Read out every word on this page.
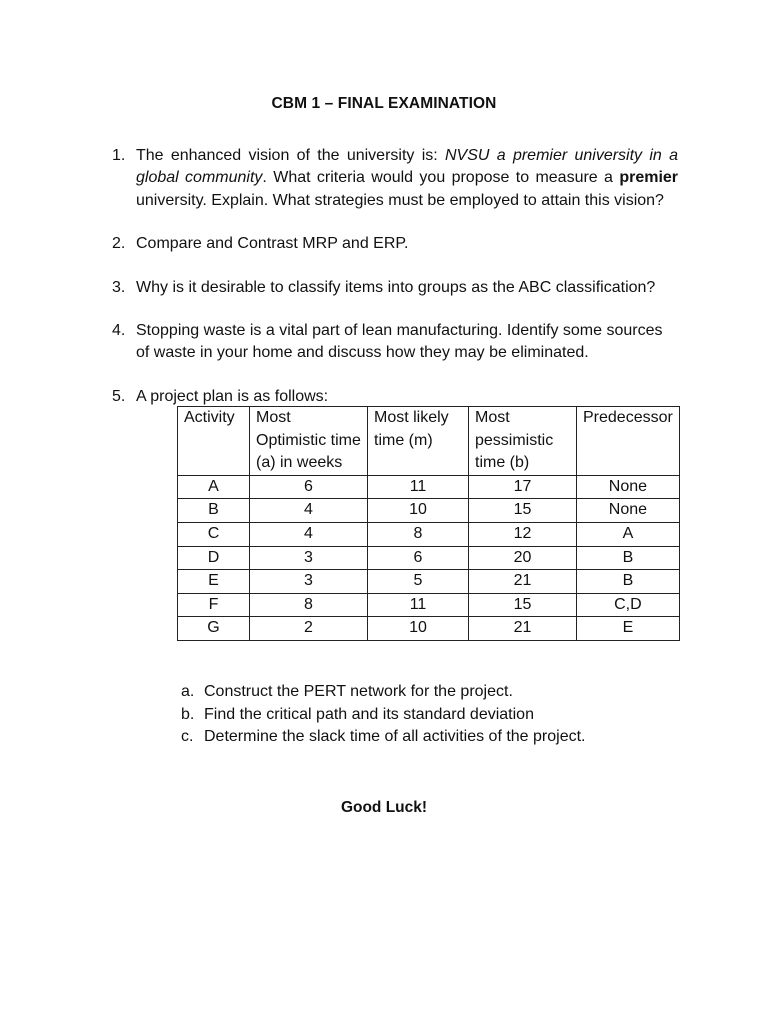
CBM 1 – FINAL EXAMINATION
1. The enhanced vision of the university is: NVSU a premier university in a global community. What criteria would you propose to measure a premier university. Explain. What strategies must be employed to attain this vision?
2. Compare and Contrast MRP and ERP.
3. Why is it desirable to classify items into groups as the ABC classification?
4. Stopping waste is a vital part of lean manufacturing. Identify some sources of waste in your home and discuss how they may be eliminated.
5. A project plan is as follows:
Activity	Most Optimistic time (a) in weeks	Most likely time (m)	Most pessimistic time (b)	Predecessor
A	6	11	17	None
B	4	10	15	None
C	4	8	12	A
D	3	6	20	B
E	3	5	21	B
F	8	11	15	C,D
G	2	10	21	E
a. Construct the PERT network for the project.
b. Find the critical path and its standard deviation
c. Determine the slack time of all activities of the project.
Good Luck!
